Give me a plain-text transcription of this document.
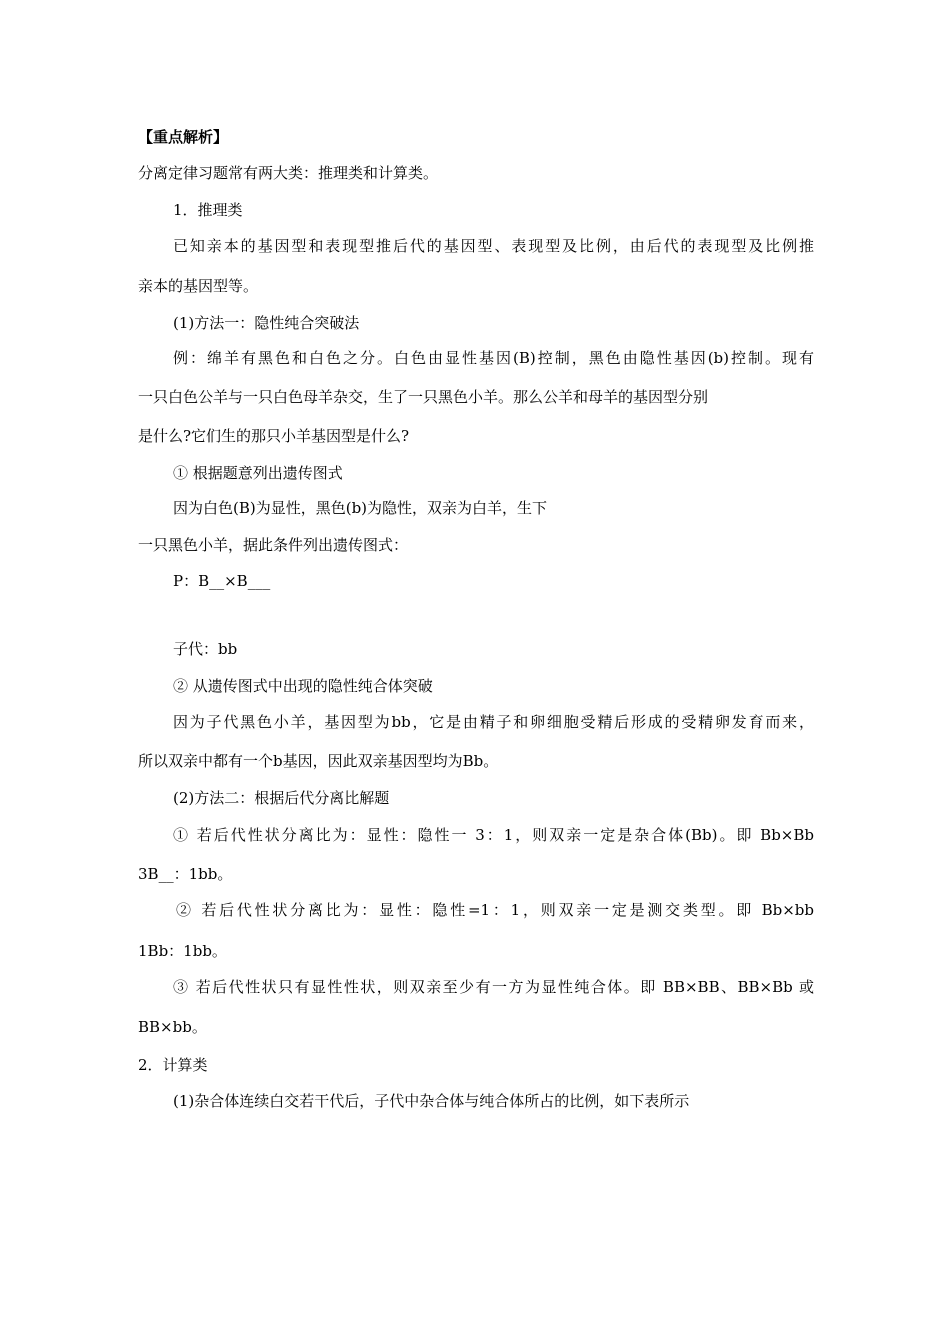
【重点解析】
分离定律习题常有两大类：推理类和计算类。
1．推理类
已知亲本的基因型和表现型推后代的基因型、表现型及比例，由后代的表现型及比例推
亲本的基因型等。
(1)方法一：隐性纯合突破法
例：绵羊有黑色和白色之分。白色由显性基因(B)控制，黑色由隐性基因(b)控制。现有
一只白色公羊与一只白色母羊杂交，生了一只黑色小羊。那么公羊和母羊的基因型分别
是什么?它们生的那只小羊基因型是什么?
① 根据题意列出遗传图式
因为白色(B)为显性，黑色(b)为隐性，双亲为白羊，生下
一只黑色小羊，据此条件列出遗传图式：
P：B__×B___
子代：bb
② 从遗传图式中出现的隐性纯合体突破
因为子代黑色小羊，基因型为bb，它是由精子和卵细胞受精后形成的受精卵发育而来，
所以双亲中都有一个b基因，因此双亲基因型均为Bb。
(2)方法二：根据后代分离比解题
① 若后代性状分离比为：显性：隐性一 3：1，则双亲一定是杂合体(Bb)。即 Bb×Bb
3B__：1bb。
② 若后代性状分离比为：显性：隐性=1：1，则双亲一定是测交类型。即 Bb×bb
1Bb：1bb。
③ 若后代性状只有显性性状，则双亲至少有一方为显性纯合体。即 BB×BB、BB×Bb 或
BB×bb。
2．计算类
(1)杂合体连续白交若干代后，子代中杂合体与纯合体所占的比例，如下表所示
